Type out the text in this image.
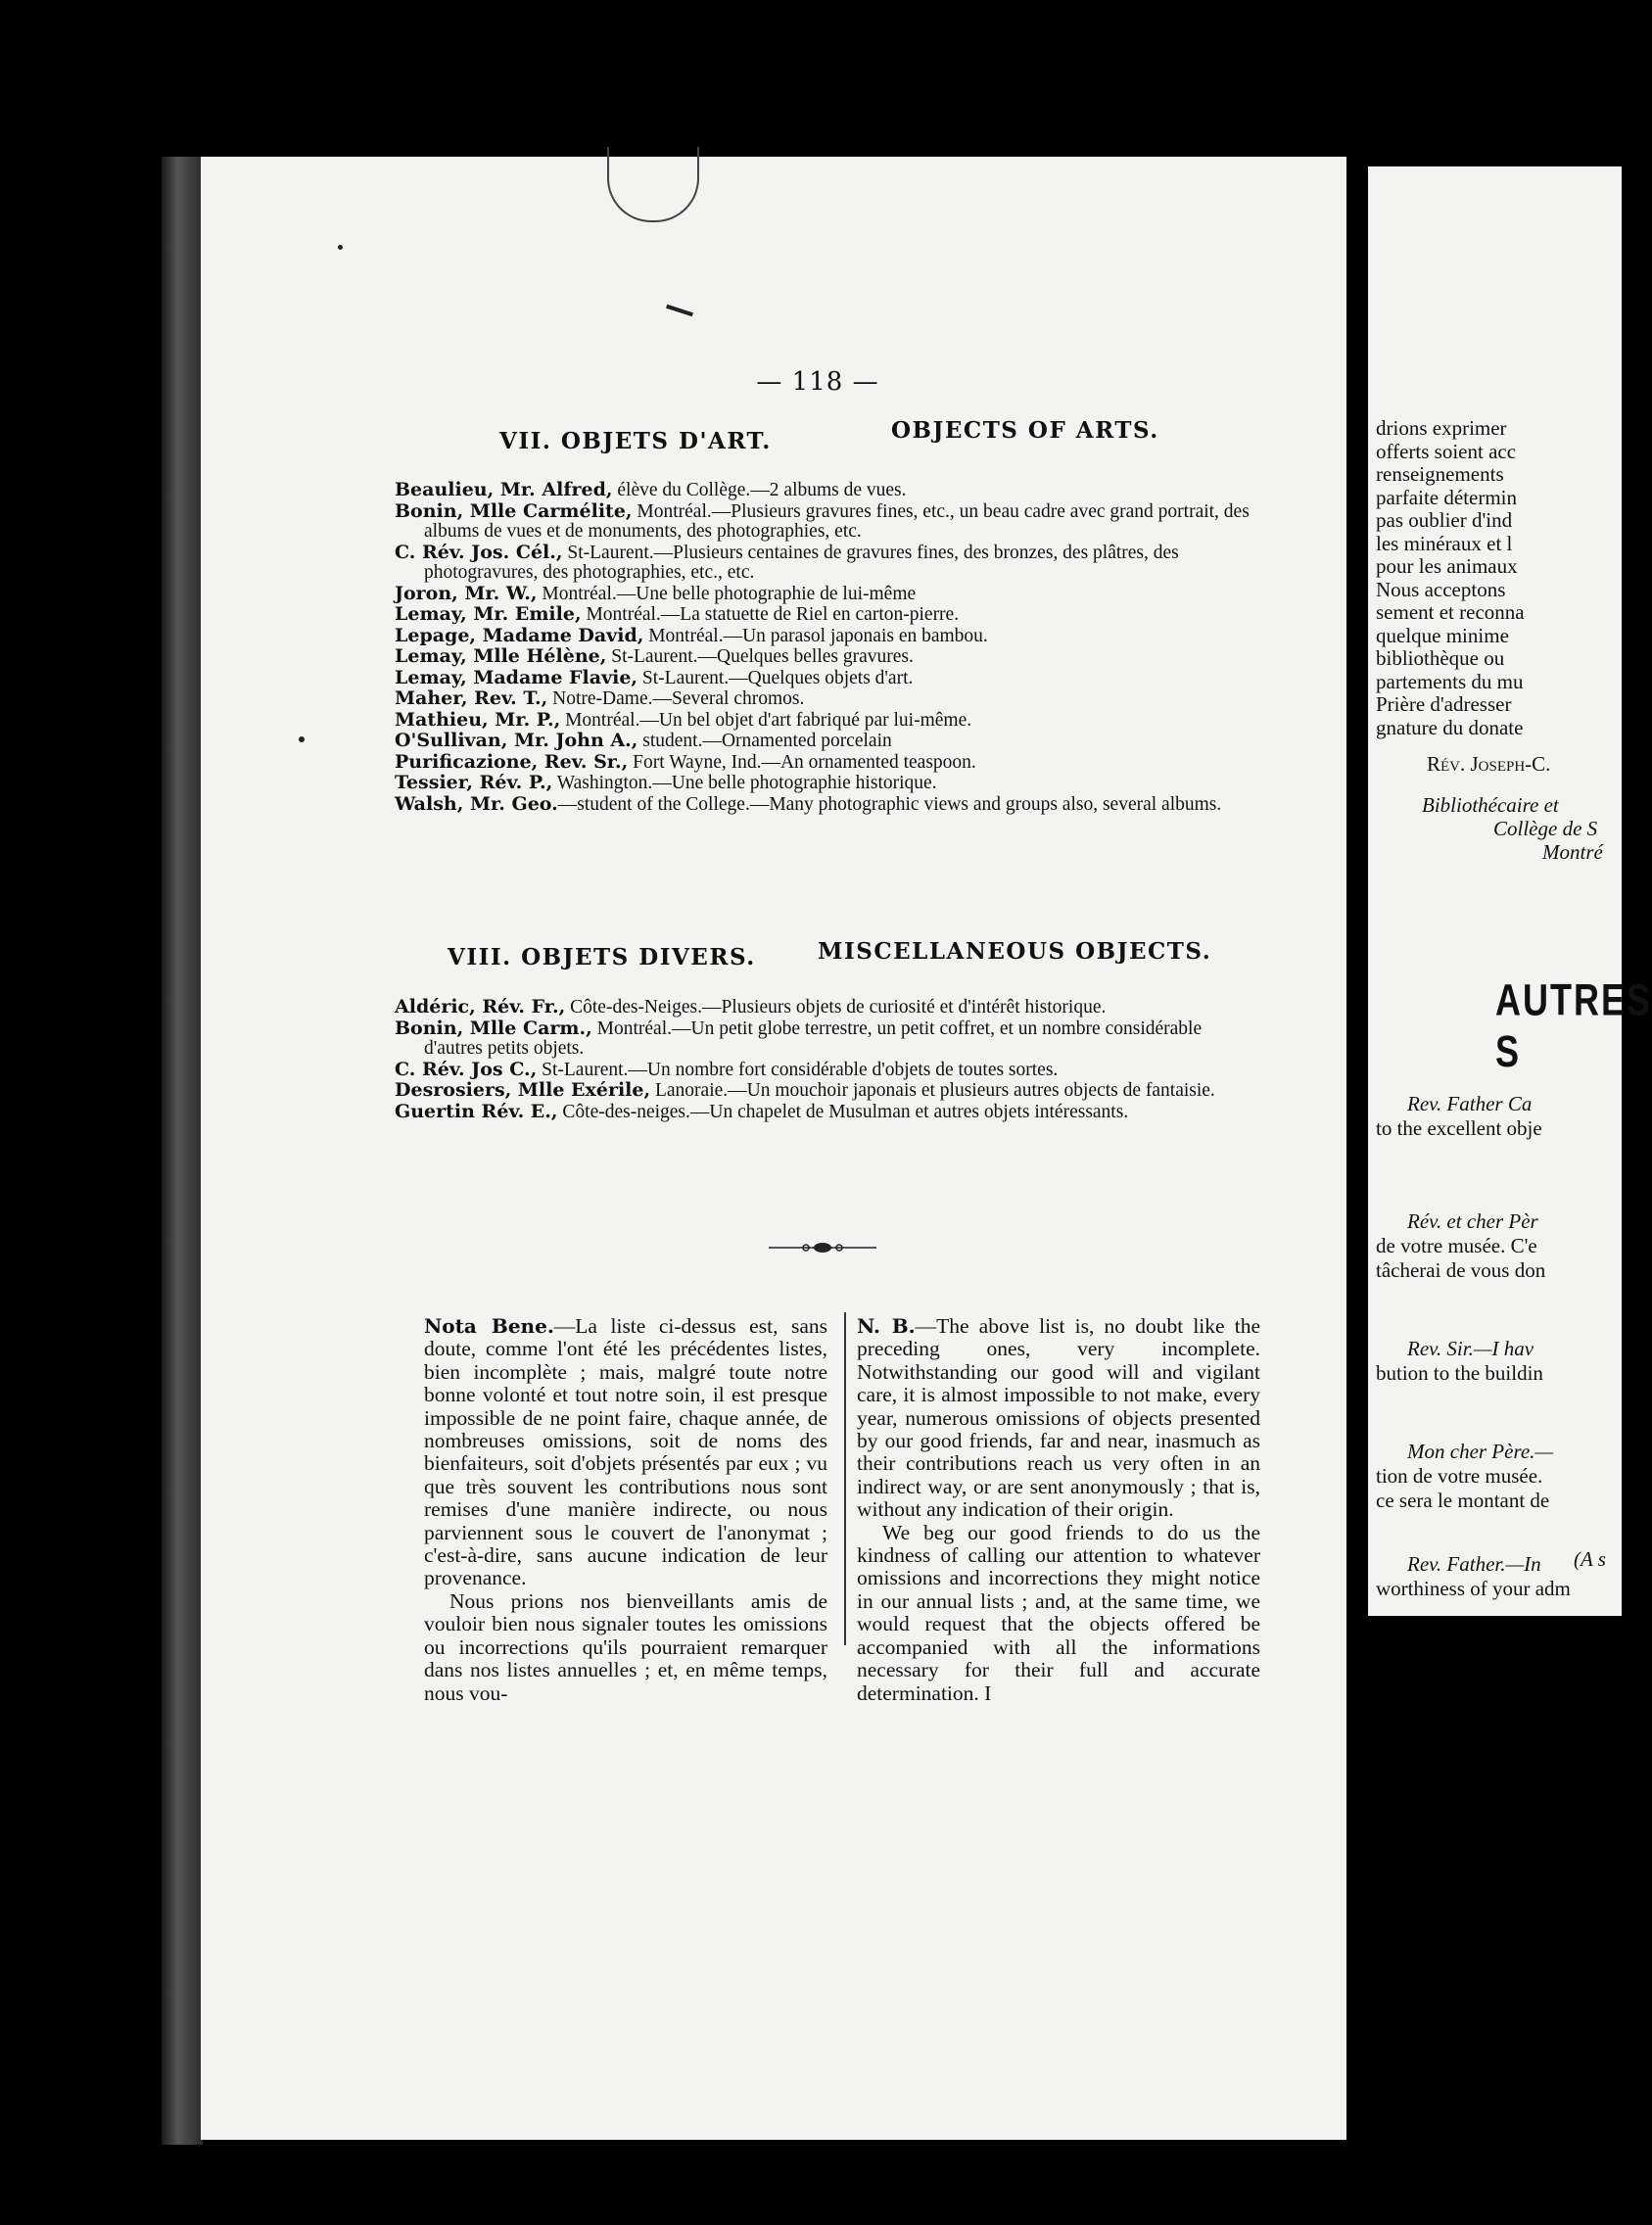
— 118 —
VII. OBJETS D'ART.	OBJECTS OF ARTS.
Beaulieu, Mr. Alfred, élève du Collège.—2 albums de vues.
Bonin, Mlle Carmélite, Montréal.—Plusieurs gravures fines, etc., un beau cadre avec grand portrait, des albums de vues et de monuments, des photographies, etc.
C. Rév. Jos. Cél., St-Laurent.—Plusieurs centaines de gravures fines, des bronzes, des plâtres, des photogravures, des photographies, etc., etc.
Joron, Mr. W., Montréal.—Une belle photographie de lui-même
Lemay, Mr. Emile, Montréal.—La statuette de Riel en carton-pierre.
Lepage, Madame David, Montréal.—Un parasol japonais en bambou.
Lemay, Mlle Hélène, St-Laurent.—Quelques belles gravures.
Lemay, Madame Flavie, St-Laurent.—Quelques objets d'art.
Maher, Rev. T., Notre-Dame.—Several chromos.
Mathieu, Mr. P., Montréal.—Un bel objet d'art fabriqué par lui-même.
O'Sullivan, Mr. John A., student.—Ornamented porcelain
Purificazione, Rev. Sr., Fort Wayne, Ind.—An ornamented teaspoon.
Tessier, Rév. P., Washington.—Une belle photographie historique.
Walsh, Mr. Geo.—student of the College.—Many photographic views and groups also, several albums.
VIII. OBJETS DIVERS.	MISCELLANEOUS OBJECTS.
Aldéric, Rév. Fr., Côte-des-Neiges.—Plusieurs objets de curiosité et d'intérêt historique.
Bonin, Mlle Carm., Montréal.—Un petit globe terrestre, un petit coffret, et un nombre considérable d'autres petits objets.
C. Rév. Jos C., St-Laurent.—Un nombre fort considérable d'objets de toutes sortes.
Desrosiers, Mlle Exérile, Lanoraie.—Un mouchoir japonais et plusieurs autres objects de fantaisie.
Guertin Rév. E., Côte-des-neiges.—Un chapelet de Musulman et autres objets intéressants.

Nota Bene.—La liste ci-dessus est, sans doute, comme l'ont été les précédentes listes, bien incomplète ; mais, malgré toute notre bonne volonté et tout notre soin, il est presque impossible de ne point faire, chaque année, de nombreuses omissions, soit de noms des bienfaiteurs, soit d'objets présentés par eux ; vu que très souvent les contributions nous sont remises d'une manière indirecte, ou nous parviennent sous le couvert de l'anonymat ; c'est-à-dire, sans aucune indication de leur provenance.

Nous prions nos bienveillants amis de vouloir bien nous signaler toutes les omissions ou incorrections qu'ils pourraient remarquer dans nos listes annuelles ; et, en même temps, nous vou-

N. B.—The above list is, no doubt like the preceding ones, very incomplete. Notwithstanding our good will and vigilant care, it is almost impossible to not make, every year, numerous omissions of objects presented by our good friends, far and near, inasmuch as their contributions reach us very often in an indirect way, or are sent anonymously ; that is, without any indication of their origin.

We beg our good friends to do us the kindness of calling our attention to whatever omissions and incorrections they might notice in our annual lists ; and, at the same time, we would request that the objects offered be accompanied with all the informations necessary for their full and accurate determination. I

drions exprimer
offerts soient acc
renseignements
parfaite détermin
pas oublier d'ind
les minéraux et l
pour les animaux
Nous acceptons
sement et reconna
quelque minime
bibliothèque ou
partements du mu
Prière d'adresser
gnature du donate
Rév. Joseph-C.
Bibliothécaire et
Collège de S
Montré
AUTRES S
Rev. Father Ca
to the excellent obje
Rév. et cher Pèr
de votre musée. C'e
tâcherai de vous don
Rev. Sir.—I hav
bution to the buildin
Mon cher Père.—
tion de votre musée.
ce sera le montant de
Rev. Father.—In
worthiness of your adm
(A s
